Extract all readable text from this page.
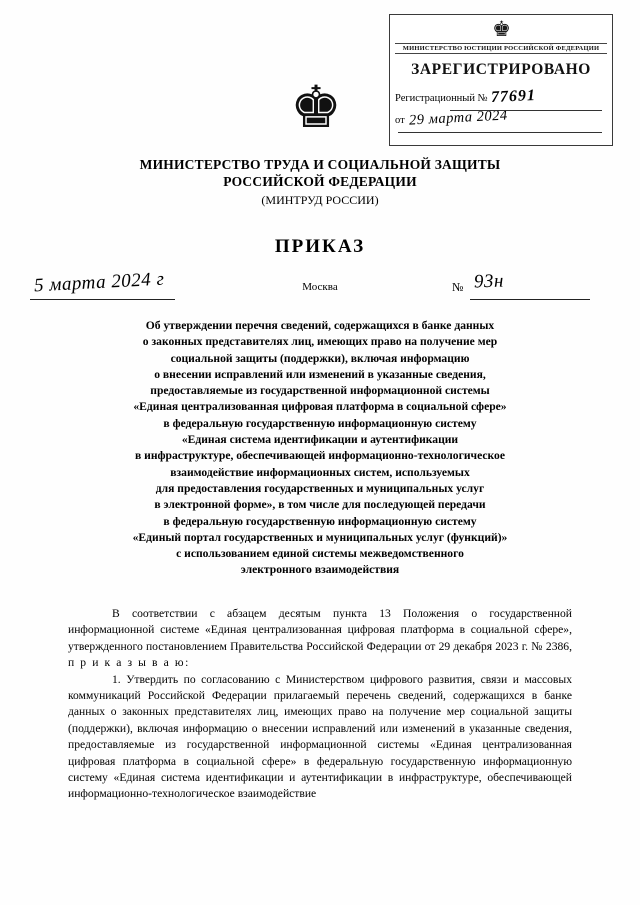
♚
МИНИСТЕРСТВО ЮСТИЦИИ РОССИЙСКОЙ ФЕДЕРАЦИИ
ЗАРЕГИСТРИРОВАНО
Регистрационный № 77691
от 29 марта 2024
♚
МИНИСТЕРСТВО ТРУДА И СОЦИАЛЬНОЙ ЗАЩИТЫ
РОССИЙСКОЙ ФЕДЕРАЦИИ
(МИНТРУД РОССИИ)
ПРИКАЗ
5 марта 2024 г	Москва	№ 93н
Об утверждении перечня сведений, содержащихся в банке данных
о законных представителях лиц, имеющих право на получение мер
социальной защиты (поддержки), включая информацию
о внесении исправлений или изменений в указанные сведения,
предоставляемые из государственной информационной системы
«Единая централизованная цифровая платформа в социальной сфере»
в федеральную государственную информационную систему
«Единая система идентификации и аутентификации
в инфраструктуре, обеспечивающей информационно-технологическое
взаимодействие информационных систем, используемых
для предоставления государственных и муниципальных услуг
в электронной форме», в том числе для последующей передачи
в федеральную государственную информационную систему
«Единый портал государственных и муниципальных услуг (функций)»
с использованием единой системы межведомственного
электронного взаимодействия

В соответствии с абзацем десятым пункта 13 Положения о государственной информационной системе «Единая централизованная цифровая платформа в социальной сфере», утвержденного постановлением Правительства Российской Федерации от 29 декабря 2023 г. № 2386, п р и к а з ы в а ю:

1. Утвердить по согласованию с Министерством цифрового развития, связи и массовых коммуникаций Российской Федерации прилагаемый перечень сведений, содержащихся в банке данных о законных представителях лиц, имеющих право на получение мер социальной защиты (поддержки), включая информацию о внесении исправлений или изменений в указанные сведения, предоставляемые из государственной информационной системы «Единая централизованная цифровая платформа в социальной сфере» в федеральную государственную информационную систему «Единая система идентификации и аутентификации в инфраструктуре, обеспечивающей информационно-технологическое взаимодействие
